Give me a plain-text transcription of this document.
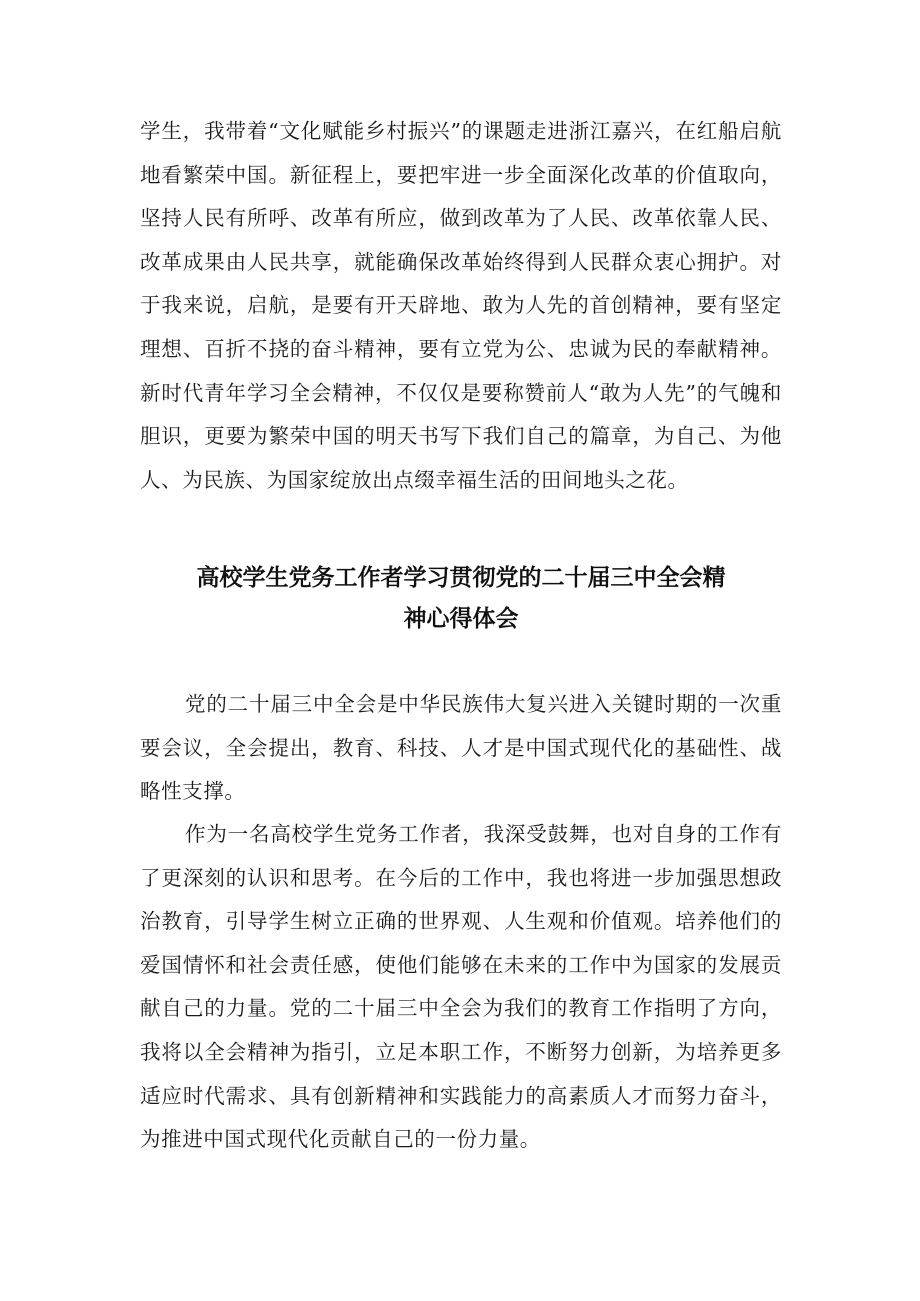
学生，我带着“文化赋能乡村振兴”的课题走进浙江嘉兴，在红船启航地看繁荣中国。新征程上，要把牢进一步全面深化改革的价值取向，坚持人民有所呼、改革有所应，做到改革为了人民、改革依靠人民、改革成果由人民共享，就能确保改革始终得到人民群众衷心拥护。对于我来说，启航，是要有开天辟地、敢为人先的首创精神，要有坚定理想、百折不挠的奋斗精神，要有立党为公、忠诚为民的奉献精神。新时代青年学习全会精神，不仅仅是要称赞前人“敢为人先”的气魄和胆识，更要为繁荣中国的明天书写下我们自己的篇章，为自己、为他人、为民族、为国家绽放出点缀幸福生活的田间地头之花。

高校学生党务工作者学习贯彻党的二十届三中全会精
神心得体会

党的二十届三中全会是中华民族伟大复兴进入关键时期的一次重要会议，全会提出，教育、科技、人才是中国式现代化的基础性、战略性支撑。

作为一名高校学生党务工作者，我深受鼓舞，也对自身的工作有了更深刻的认识和思考。在今后的工作中，我也将进一步加强思想政治教育，引导学生树立正确的世界观、人生观和价值观。培养他们的爱国情怀和社会责任感，使他们能够在未来的工作中为国家的发展贡献自己的力量。党的二十届三中全会为我们的教育工作指明了方向，我将以全会精神为指引，立足本职工作，不断努力创新，为培养更多适应时代需求、具有创新精神和实践能力的高素质人才而努力奋斗，为推进中国式现代化贡献自己的一份力量。
